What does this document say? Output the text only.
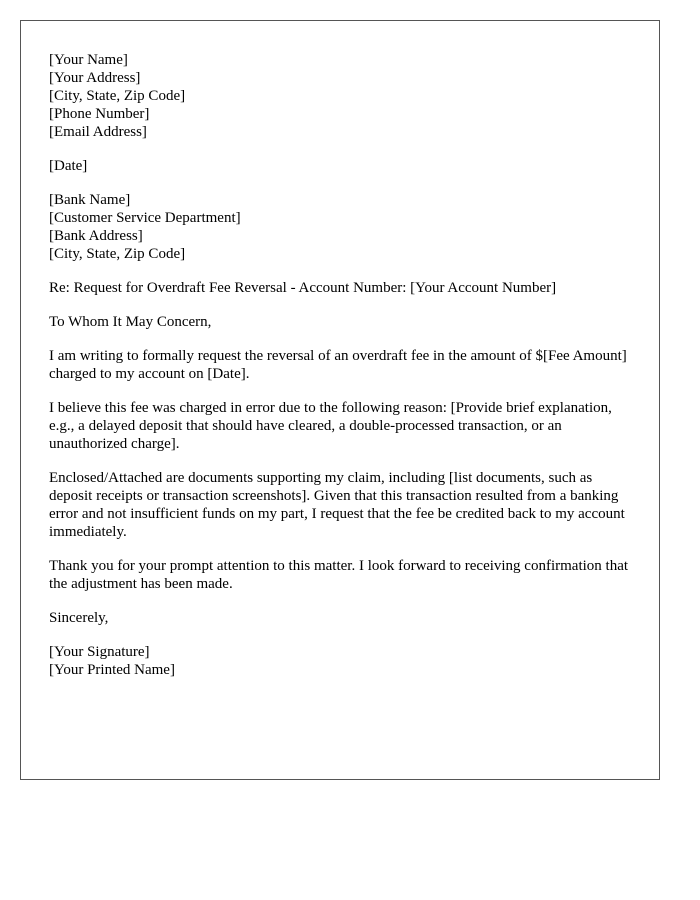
[Your Name]
[Your Address]
[City, State, Zip Code]
[Phone Number]
[Email Address]
[Date]
[Bank Name]
[Customer Service Department]
[Bank Address]
[City, State, Zip Code]
Re: Request for Overdraft Fee Reversal - Account Number: [Your Account Number]
To Whom It May Concern,

I am writing to formally request the reversal of an overdraft fee in the amount of $[Fee Amount] charged to my account on [Date].

I believe this fee was charged in error due to the following reason: [Provide brief explanation, e.g., a delayed deposit that should have cleared, a double-processed transaction, or an unauthorized charge].

Enclosed/Attached are documents supporting my claim, including [list documents, such as deposit receipts or transaction screenshots]. Given that this transaction resulted from a banking error and not insufficient funds on my part, I request that the fee be credited back to my account immediately.

Thank you for your prompt attention to this matter. I look forward to receiving confirmation that the adjustment has been made.

Sincerely,
[Your Signature]
[Your Printed Name]
